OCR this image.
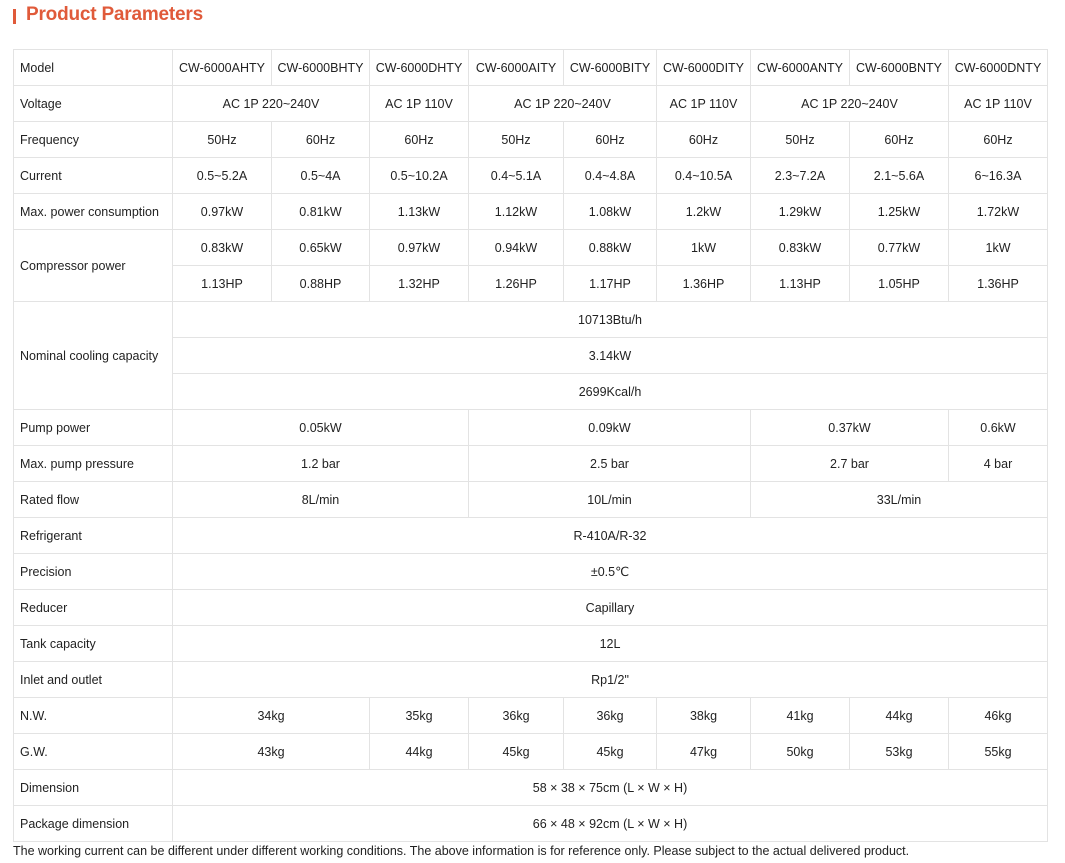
Product Parameters
Model	CW-6000AHTY	CW-6000BHTY	CW-6000DHTY	CW-6000AITY	CW-6000BITY	CW-6000DITY	CW-6000ANTY	CW-6000BNTY	CW-6000DNTY
Voltage	AC 1P 220~240V		AC 1P 110V	AC 1P 220~240V		AC 1P 110V	AC 1P 220~240V		AC 1P 110V
Frequency	50Hz	60Hz	60Hz	50Hz	60Hz	60Hz	50Hz	60Hz	60Hz
Current	0.5~5.2A	0.5~4A	0.5~10.2A	0.4~5.1A	0.4~4.8A	0.4~10.5A	2.3~7.2A	2.1~5.6A	6~16.3A
Max. power consumption	0.97kW	0.81kW	1.13kW	1.12kW	1.08kW	1.2kW	1.29kW	1.25kW	1.72kW
Compressor power	0.83kW	0.65kW	0.97kW	0.94kW	0.88kW	1kW	0.83kW	0.77kW	1kW
	1.13HP	0.88HP	1.32HP	1.26HP	1.17HP	1.36HP	1.13HP	1.05HP	1.36HP
Nominal cooling capacity	10713Btu/h								
	3.14kW								
	2699Kcal/h								
Pump power	0.05kW			0.09kW			0.37kW		0.6kW
Max. pump pressure	1.2 bar			2.5 bar			2.7 bar		4 bar
Rated flow	8L/min			10L/min			33L/min		
Refrigerant	R-410A/R-32								
Precision	±0.5℃								
Reducer	Capillary								
Tank capacity	12L								
Inlet and outlet	Rp1/2"								
N.W.	34kg		35kg	36kg	36kg	38kg	41kg	44kg	46kg
G.W.	43kg		44kg	45kg	45kg	47kg	50kg	53kg	55kg
Dimension	58 × 38 × 75cm (L × W × H)								
Package dimension	66 × 48 × 92cm (L × W × H)								
The working current can be different under different working conditions. The above information is for reference only. Please subject to the actual delivered product.
